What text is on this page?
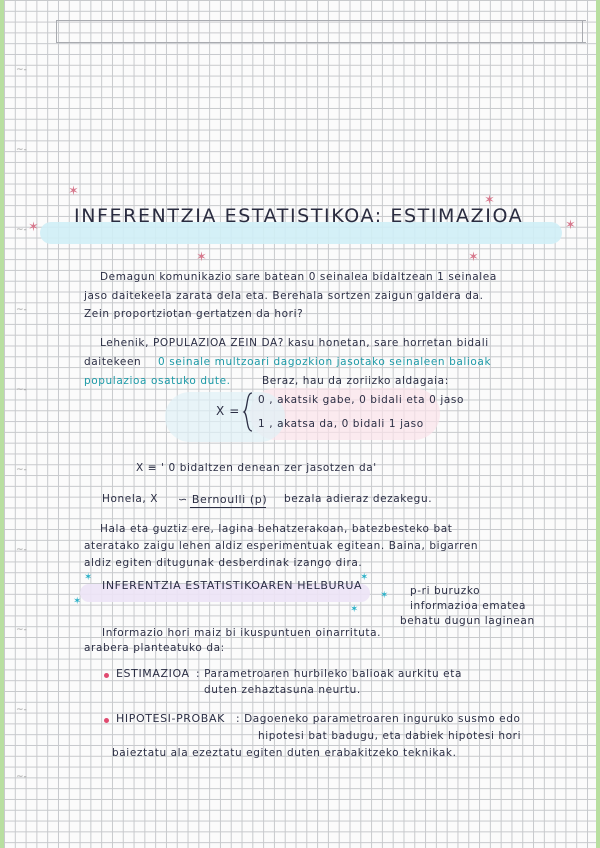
~-
~-
~-
~-
~-
~-
~-
~-
~-
~-
✶
✶
✶
✶
✶	✶
✶
✶
✶
✶
✶
INFERENTZIA ESTATISTIKOA: ESTIMAZIOA
Demagun komunikazio sare batean 0 seinalea bidaltzean 1 seinalea
jaso daitekeela zarata dela eta. Berehala sortzen zaigun galdera da.
Zein proportziotan gertatzen da hori?
Lehenik, POPULAZIOA ZEIN DA? kasu honetan, sare horretan bidali
daitekeen 0 seinale multzoari dagozkion jasotako seinaleen balioak
populazioa osatuko dute.	Beraz, hau da zoriizko aldagaia:
X =
0 , akatsik gabe, 0 bidali eta 0 jaso
1 , akatsa da, 0 bidali 1 jaso
X ≡ ' 0 bidaltzen denean zer jasotzen da'
Honela, X ∽ Bernoulli (p) bezala adieraz dezakegu.
Hala eta guztiz ere, lagina behatzerakoan, batezbesteko bat
ateratako zaigu lehen aldiz esperimentuak egitean. Baina, bigarren
aldiz egiten ditugunak desberdinak izango dira.
INFERENTZIA ESTATISTIKOAREN HELBURUA	p-ri buruzko
informazioa ematea
behatu dugun laginean
Informazio hori maiz bi ikuspuntuen oinarrituta.
arabera planteatuko da:
ESTIMAZIOA : Parametroaren hurbileko balioak aurkitu eta
duten zehaztasuna neurtu.
HIPOTESI-PROBAK : Dagoeneko parametroaren inguruko susmo edo
hipotesi bat badugu, eta dabiek hipotesi hori
baieztatu ala ezeztatu egiten duten erabakitzeko teknikak.
